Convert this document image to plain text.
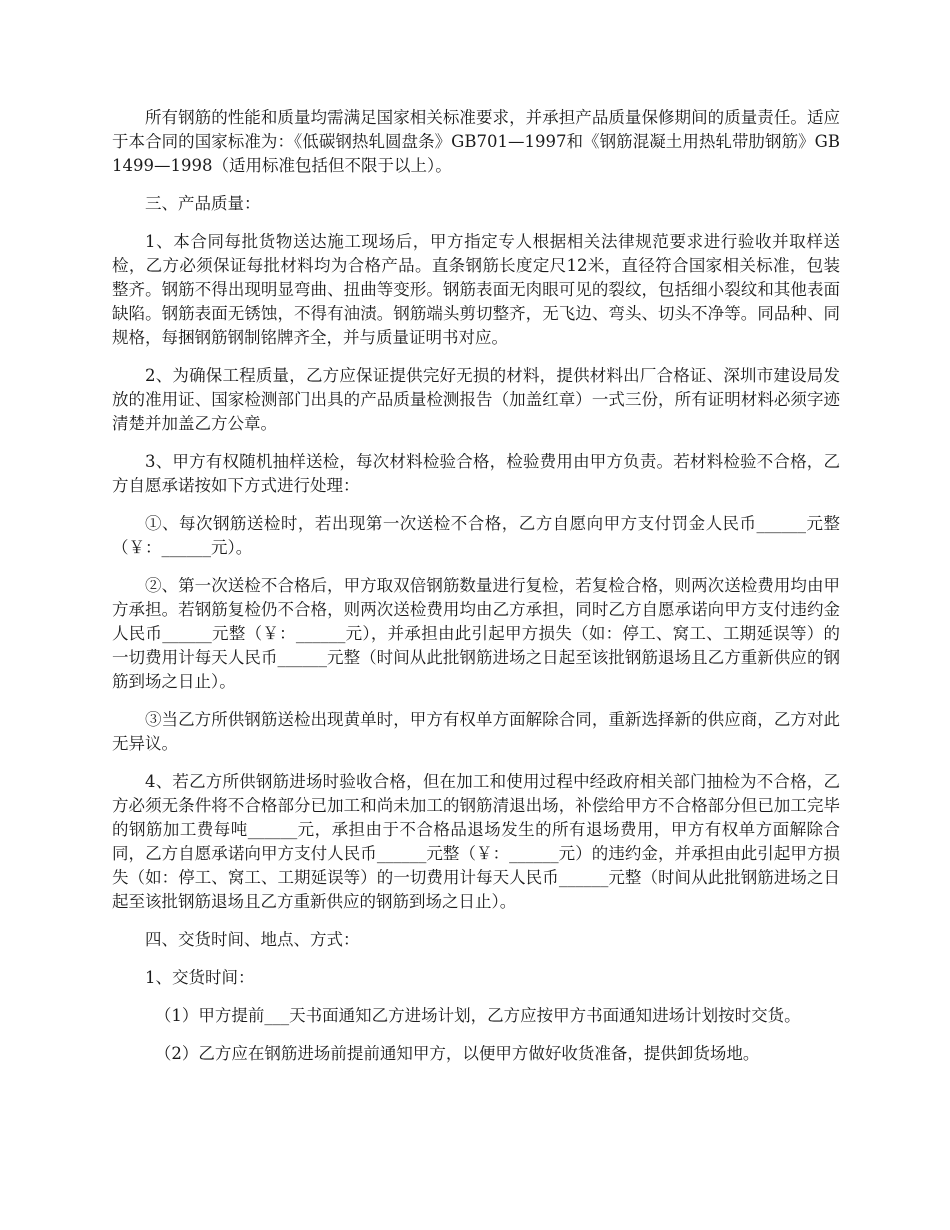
所有钢筋的性能和质量均需满足国家相关标准要求，并承担产品质量保修期间的质量责任。适应于本合同的国家标准为：《低碳钢热轧圆盘条》GB701—1997和《钢筋混凝土用热轧带肋钢筋》GB1499—1998（适用标准包括但不限于以上）。

三、产品质量：

1、本合同每批货物送达施工现场后，甲方指定专人根据相关法律规范要求进行验收并取样送检，乙方必须保证每批材料均为合格产品。直条钢筋长度定尺12米，直径符合国家相关标准，包装整齐。钢筋不得出现明显弯曲、扭曲等变形。钢筋表面无肉眼可见的裂纹，包括细小裂纹和其他表面缺陷。钢筋表面无锈蚀，不得有油渍。钢筋端头剪切整齐，无飞边、弯头、切头不净等。同品种、同规格，每捆钢筋钢制铭牌齐全，并与质量证明书对应。

2、为确保工程质量，乙方应保证提供完好无损的材料，提供材料出厂合格证、深圳市建设局发放的准用证、国家检测部门出具的产品质量检测报告（加盖红章）一式三份，所有证明材料必须字迹清楚并加盖乙方公章。

3、甲方有权随机抽样送检，每次材料检验合格，检验费用由甲方负责。若材料检验不合格，乙方自愿承诺按如下方式进行处理：

①、每次钢筋送检时，若出现第一次送检不合格，乙方自愿向甲方支付罚金人民币______元整（￥：______元）。

②、第一次送检不合格后，甲方取双倍钢筋数量进行复检，若复检合格，则两次送检费用均由甲方承担。若钢筋复检仍不合格，则两次送检费用均由乙方承担，同时乙方自愿承诺向甲方支付违约金人民币______元整（￥：______元），并承担由此引起甲方损失（如：停工、窝工、工期延误等）的一切费用计每天人民币______元整（时间从此批钢筋进场之日起至该批钢筋退场且乙方重新供应的钢筋到场之日止）。

③当乙方所供钢筋送检出现黄单时，甲方有权单方面解除合同，重新选择新的供应商，乙方对此无异议。

4、若乙方所供钢筋进场时验收合格，但在加工和使用过程中经政府相关部门抽检为不合格，乙方必须无条件将不合格部分已加工和尚未加工的钢筋清退出场，补偿给甲方不合格部分但已加工完毕的钢筋加工费每吨______元，承担由于不合格品退场发生的所有退场费用，甲方有权单方面解除合同，乙方自愿承诺向甲方支付人民币______元整（￥：______元）的违约金，并承担由此引起甲方损失（如：停工、窝工、工期延误等）的一切费用计每天人民币______元整（时间从此批钢筋进场之日起至该批钢筋退场且乙方重新供应的钢筋到场之日止）。

四、交货时间、地点、方式：

1、交货时间：

（1）甲方提前___天书面通知乙方进场计划，乙方应按甲方书面通知进场计划按时交货。

（2）乙方应在钢筋进场前提前通知甲方，以便甲方做好收货准备，提供卸货场地。
